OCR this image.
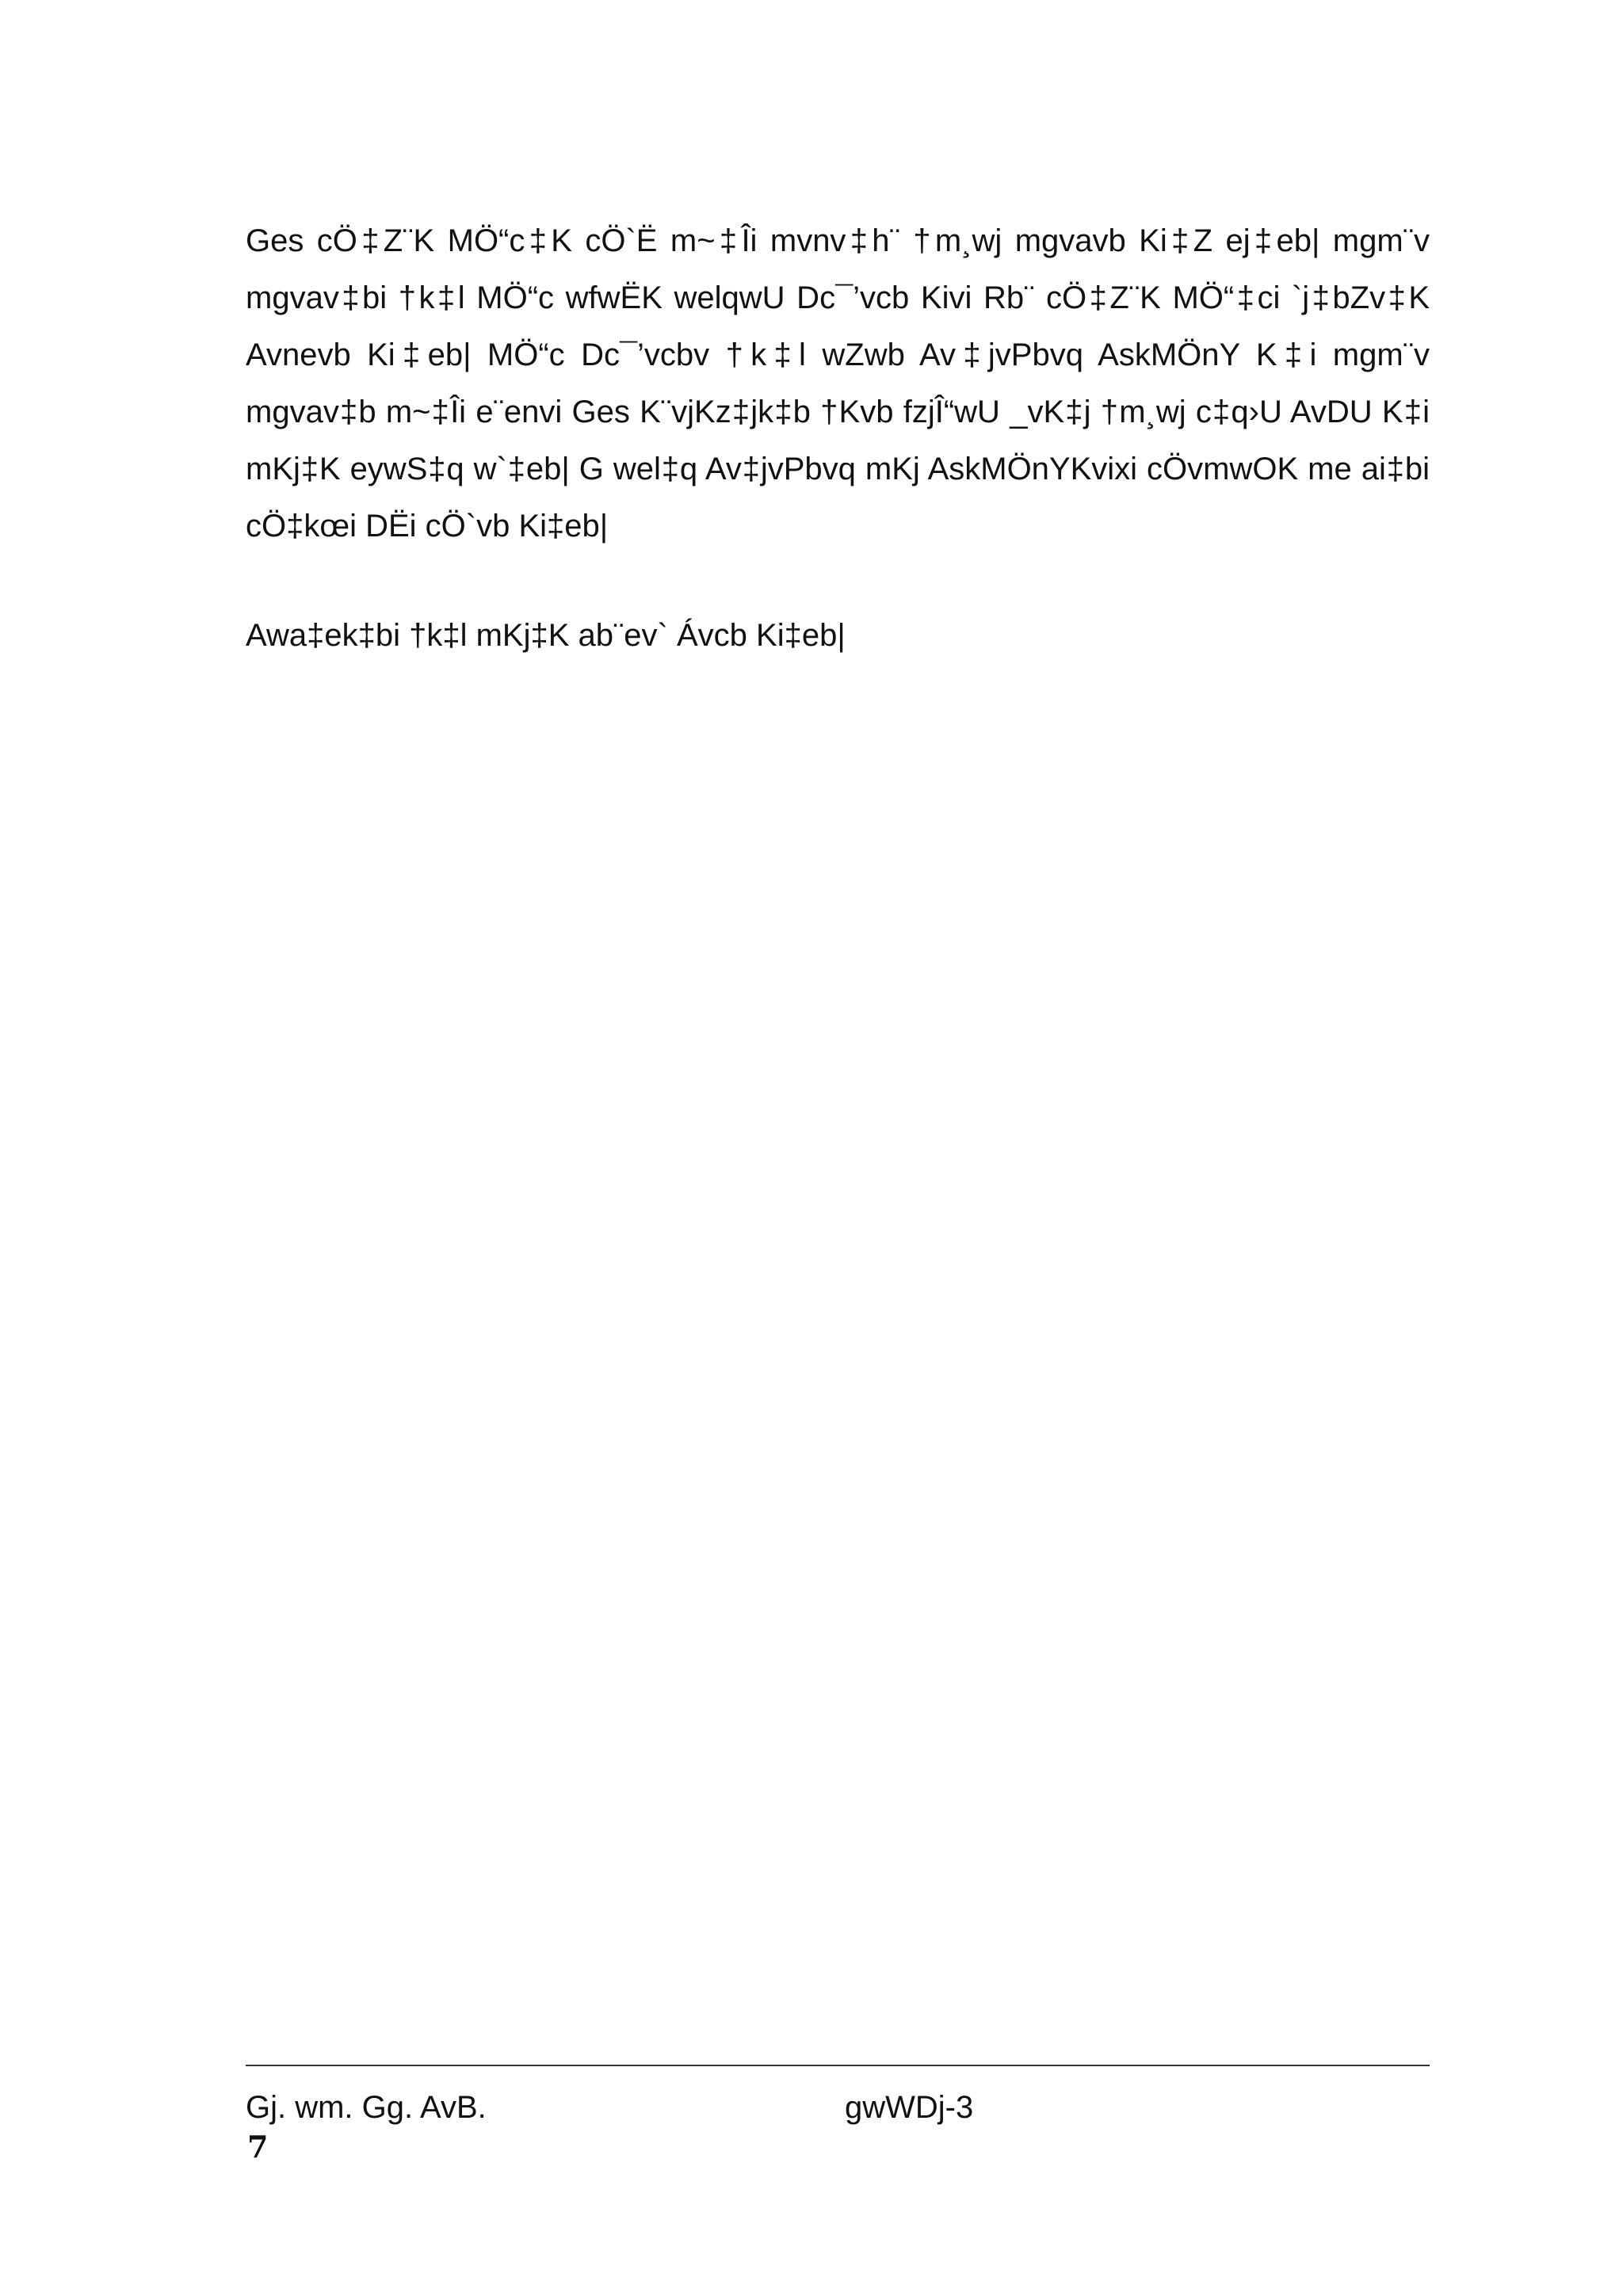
Ges cÖ‡Z¨K MÖ“c‡K cÖ`Ë m~‡Îi mvnv‡h¨ †m¸wj mgvavb Ki‡Z ej‡eb| mgm¨v mgvav‡bi †k‡l MÖ“c wfwËK welqwU Dc¯’vcb Kivi Rb¨ cÖ‡Z¨K MÖ“‡ci `j‡bZv‡K Avnevb Ki‡eb| MÖ“c Dc¯’vcbv †k‡l wZwb Av‡jvPbvq AskMÖnY K‡i mgm¨v mgvav‡b m~‡Îi e¨envi Ges K¨vjKz‡jk‡b †Kvb fzjÎ“wU _vK‡j †m¸wj c‡q›U AvDU K‡i mKj‡K eywS‡q w`‡eb| G wel‡q Av‡jvPbvq mKj AskMÖnYKvixi cÖvmwOK me ai‡bi cÖ‡kœi DËi cÖ`vb Ki‡eb|

Awa‡ek‡bi †k‡l mKj‡K ab¨ev` Ávcb Ki‡eb|

Gj. wm. Gg. AvB.	gwWDj-3
7
